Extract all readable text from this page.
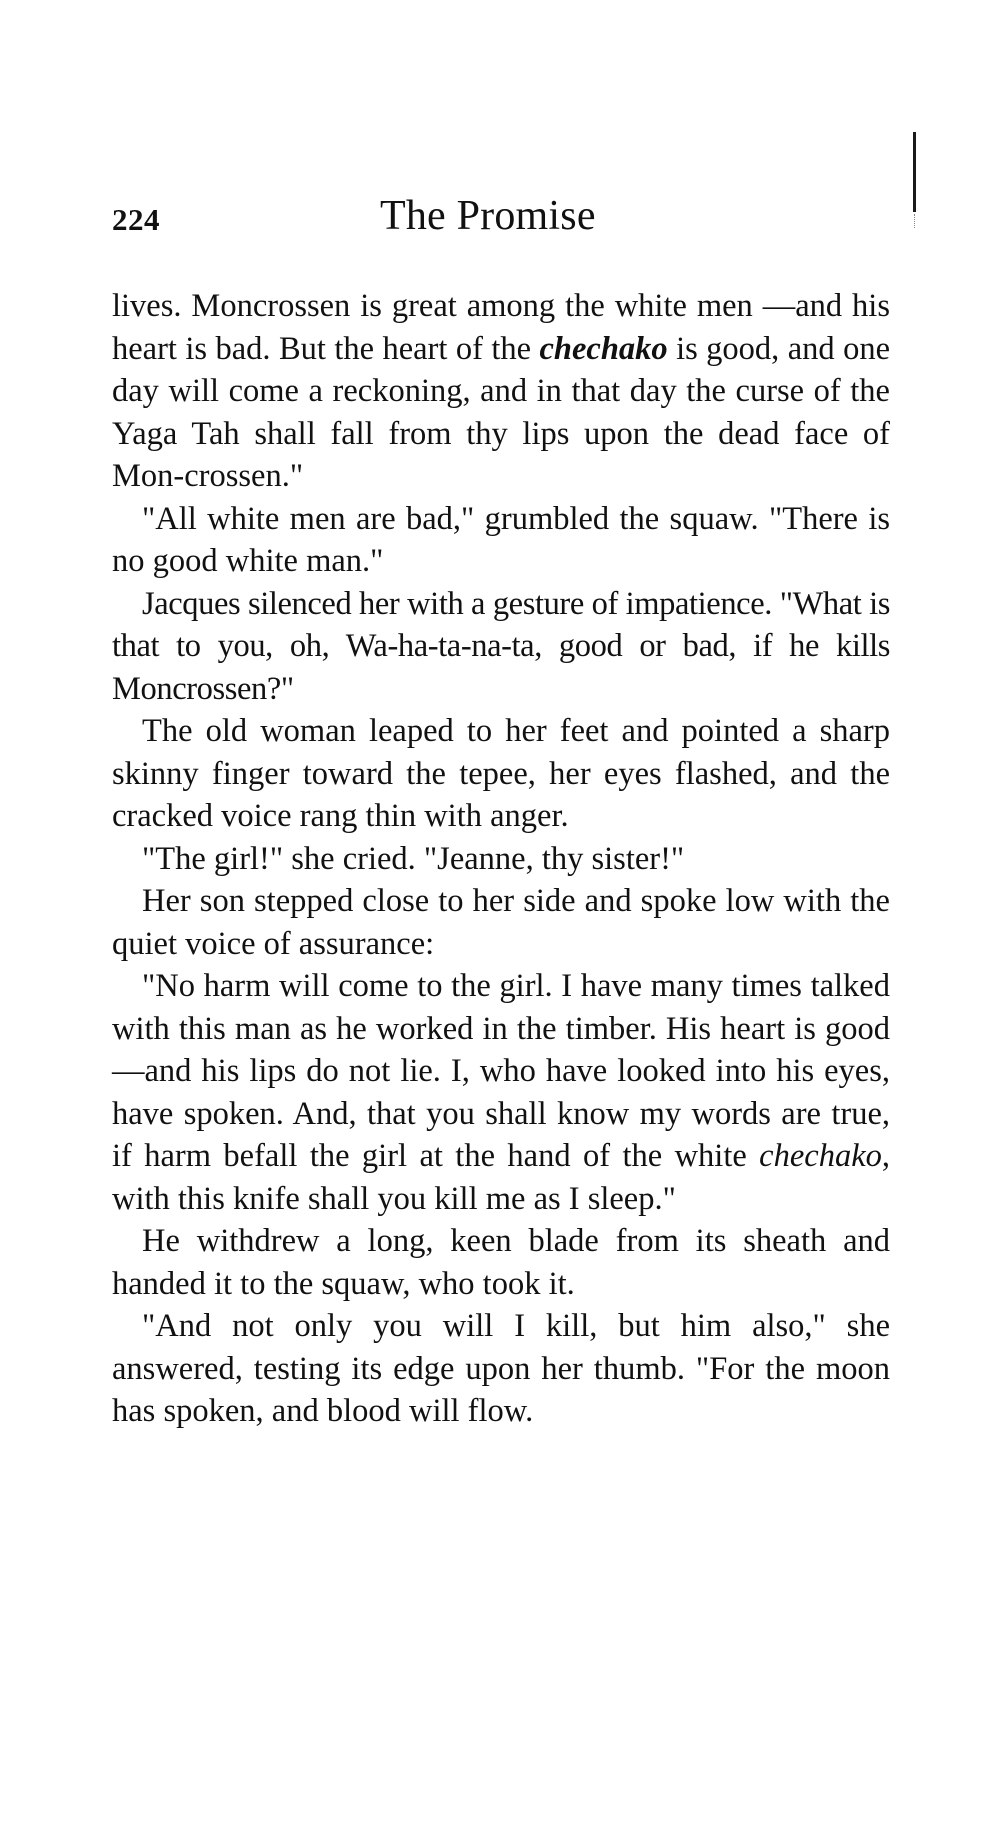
224	The Promise

lives. Moncrossen is great among the white men —and his heart is bad. But the heart of the chechako is good, and one day will come a reckoning, and in that day the curse of the Yaga Tah shall fall from thy lips upon the dead face of Mon-crossen."

"All white men are bad," grumbled the squaw. "There is no good white man."

Jacques silenced her with a gesture of impatience. "What is that to you, oh, Wa-ha-ta-na-ta, good or bad, if he kills Moncrossen?"

The old woman leaped to her feet and pointed a sharp skinny finger toward the tepee, her eyes flashed, and the cracked voice rang thin with anger.

"The girl!" she cried. "Jeanne, thy sister!"

Her son stepped close to her side and spoke low with the quiet voice of assurance:

"No harm will come to the girl. I have many times talked with this man as he worked in the timber. His heart is good—and his lips do not lie. I, who have looked into his eyes, have spoken. And, that you shall know my words are true, if harm befall the girl at the hand of the white chechako, with this knife shall you kill me as I sleep."

He withdrew a long, keen blade from its sheath and handed it to the squaw, who took it.

"And not only you will I kill, but him also," she answered, testing its edge upon her thumb. "For the moon has spoken, and blood will flow.
